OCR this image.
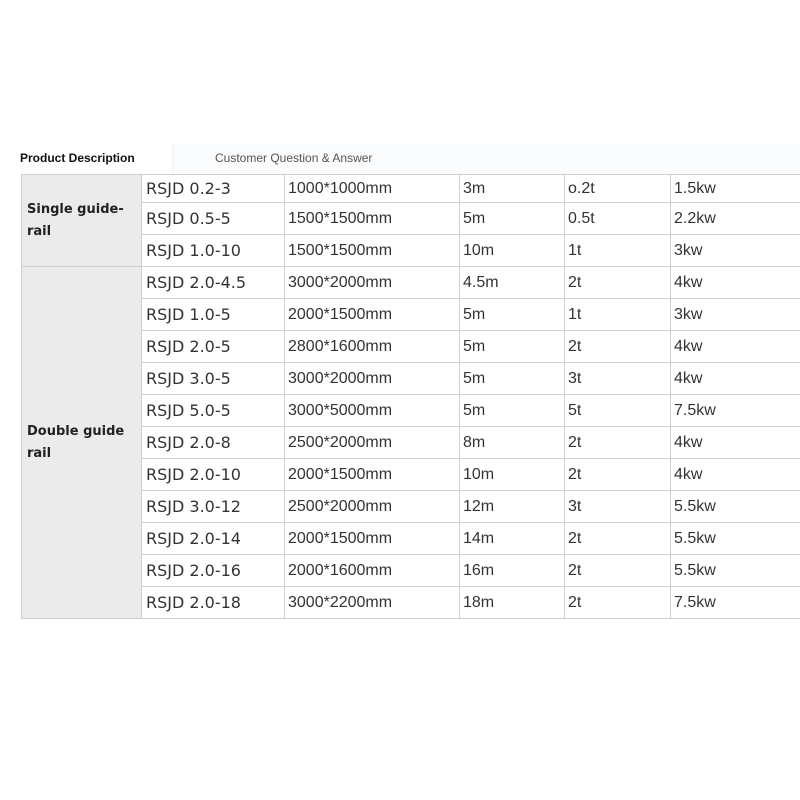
Product Description	Customer Question & Answer
Single guide-rail	RSJD 0.2-3	1000*1000mm	3m	o.2t	1.5kw
	RSJD 0.5-5	1500*1500mm	5m	0.5t	2.2kw
	RSJD 1.0-10	1500*1500mm	10m	1t	3kw
Double guide rail	RSJD 2.0-4.5	3000*2000mm	4.5m	2t	4kw
	RSJD 1.0-5	2000*1500mm	5m	1t	3kw
	RSJD 2.0-5	2800*1600mm	5m	2t	4kw
	RSJD 3.0-5	3000*2000mm	5m	3t	4kw
	RSJD 5.0-5	3000*5000mm	5m	5t	7.5kw
	RSJD 2.0-8	2500*2000mm	8m	2t	4kw
	RSJD 2.0-10	2000*1500mm	10m	2t	4kw
	RSJD 3.0-12	2500*2000mm	12m	3t	5.5kw
	RSJD 2.0-14	2000*1500mm	14m	2t	5.5kw
	RSJD 2.0-16	2000*1600mm	16m	2t	5.5kw
	RSJD 2.0-18	3000*2200mm	18m	2t	7.5kw
